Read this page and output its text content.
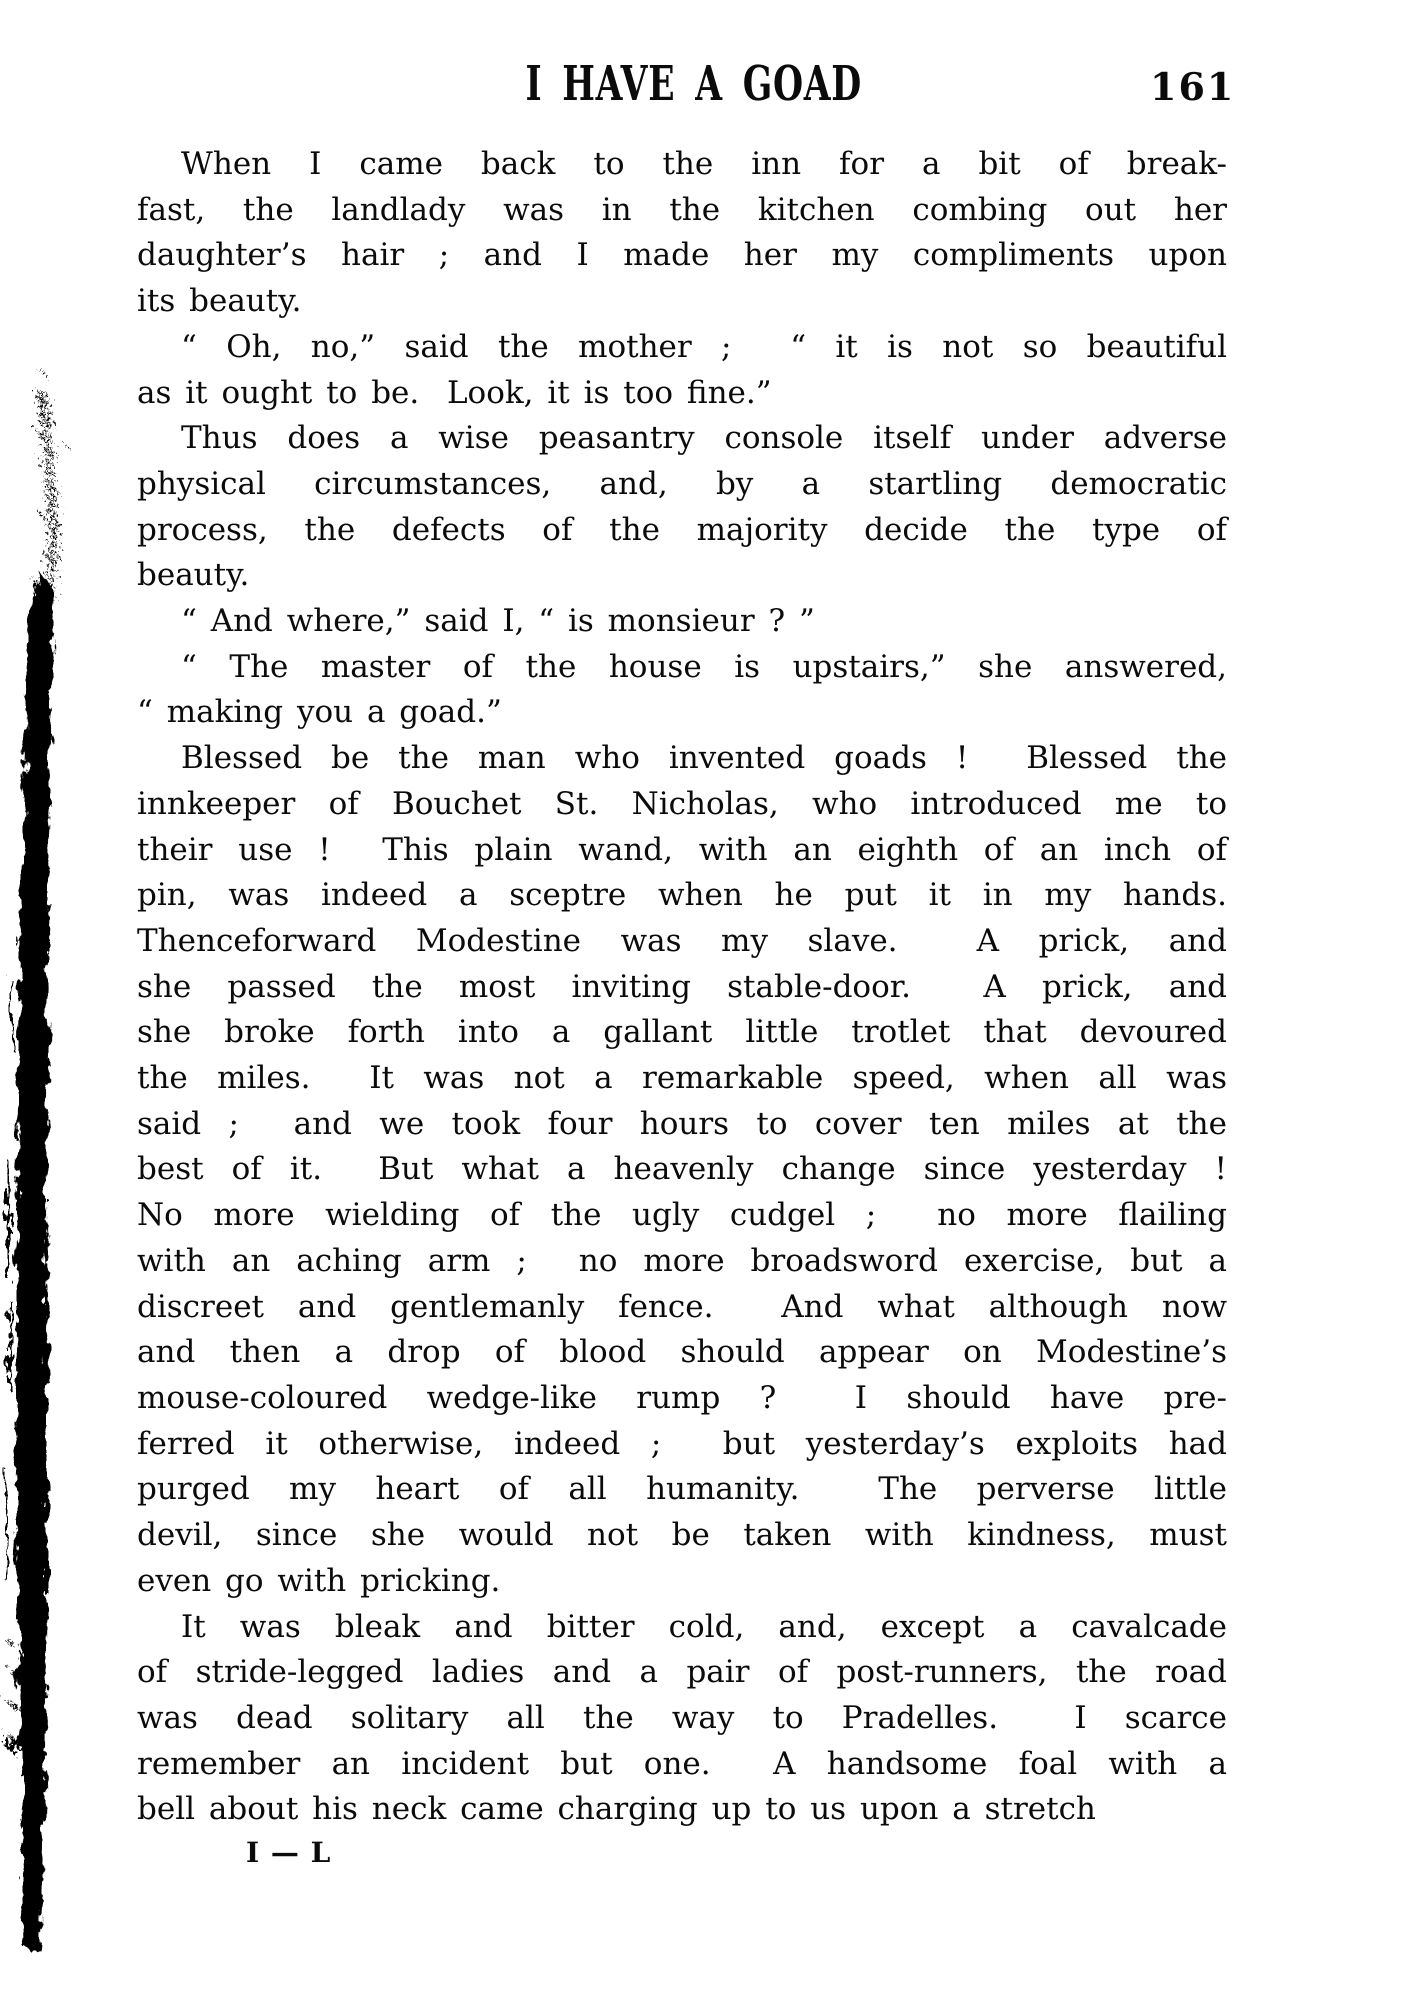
I HAVE A GOAD	161
When I came back to the inn for a bit of break-
fast, the landlady was in the kitchen combing out her
daughter’s hair ; and I made her my compliments upon
its beauty.
“ Oh, no,” said the mother ;  “ it is not so beautiful
as it ought to be.  Look, it is too fine.”
Thus does a wise peasantry console itself under adverse
physical circumstances, and, by a startling democratic
process, the defects of the majority decide the type of
beauty.
“ And where,” said I, “ is monsieur ? ”
“ The master of the house is upstairs,” she answered,
“ making you a goad.”
Blessed be the man who invented goads !  Blessed the
innkeeper of Bouchet St. Nicholas, who introduced me to
their use !  This plain wand, with an eighth of an inch of
pin, was indeed a sceptre when he put it in my hands.
Thenceforward Modestine was my slave.  A prick, and
she passed the most inviting stable-door.  A prick, and
she broke forth into a gallant little trotlet that devoured
the miles.  It was not a remarkable speed, when all was
said ;  and we took four hours to cover ten miles at the
best of it.  But what a heavenly change since yesterday !
No more wielding of the ugly cudgel ;  no more flailing
with an aching arm ;  no more broadsword exercise, but a
discreet and gentlemanly fence.  And what although now
and then a drop of blood should appear on Modestine’s
mouse-coloured wedge-like rump ?  I should have pre-
ferred it otherwise, indeed ;  but yesterday’s exploits had
purged my heart of all humanity.  The perverse little
devil, since she would not be taken with kindness, must
even go with pricking.
It was bleak and bitter cold, and, except a cavalcade
of stride-legged ladies and a pair of post-runners, the road
was dead solitary all the way to Pradelles.  I scarce
remember an incident but one.  A handsome foal with a
bell about his neck came charging up to us upon a stretch
I — L
